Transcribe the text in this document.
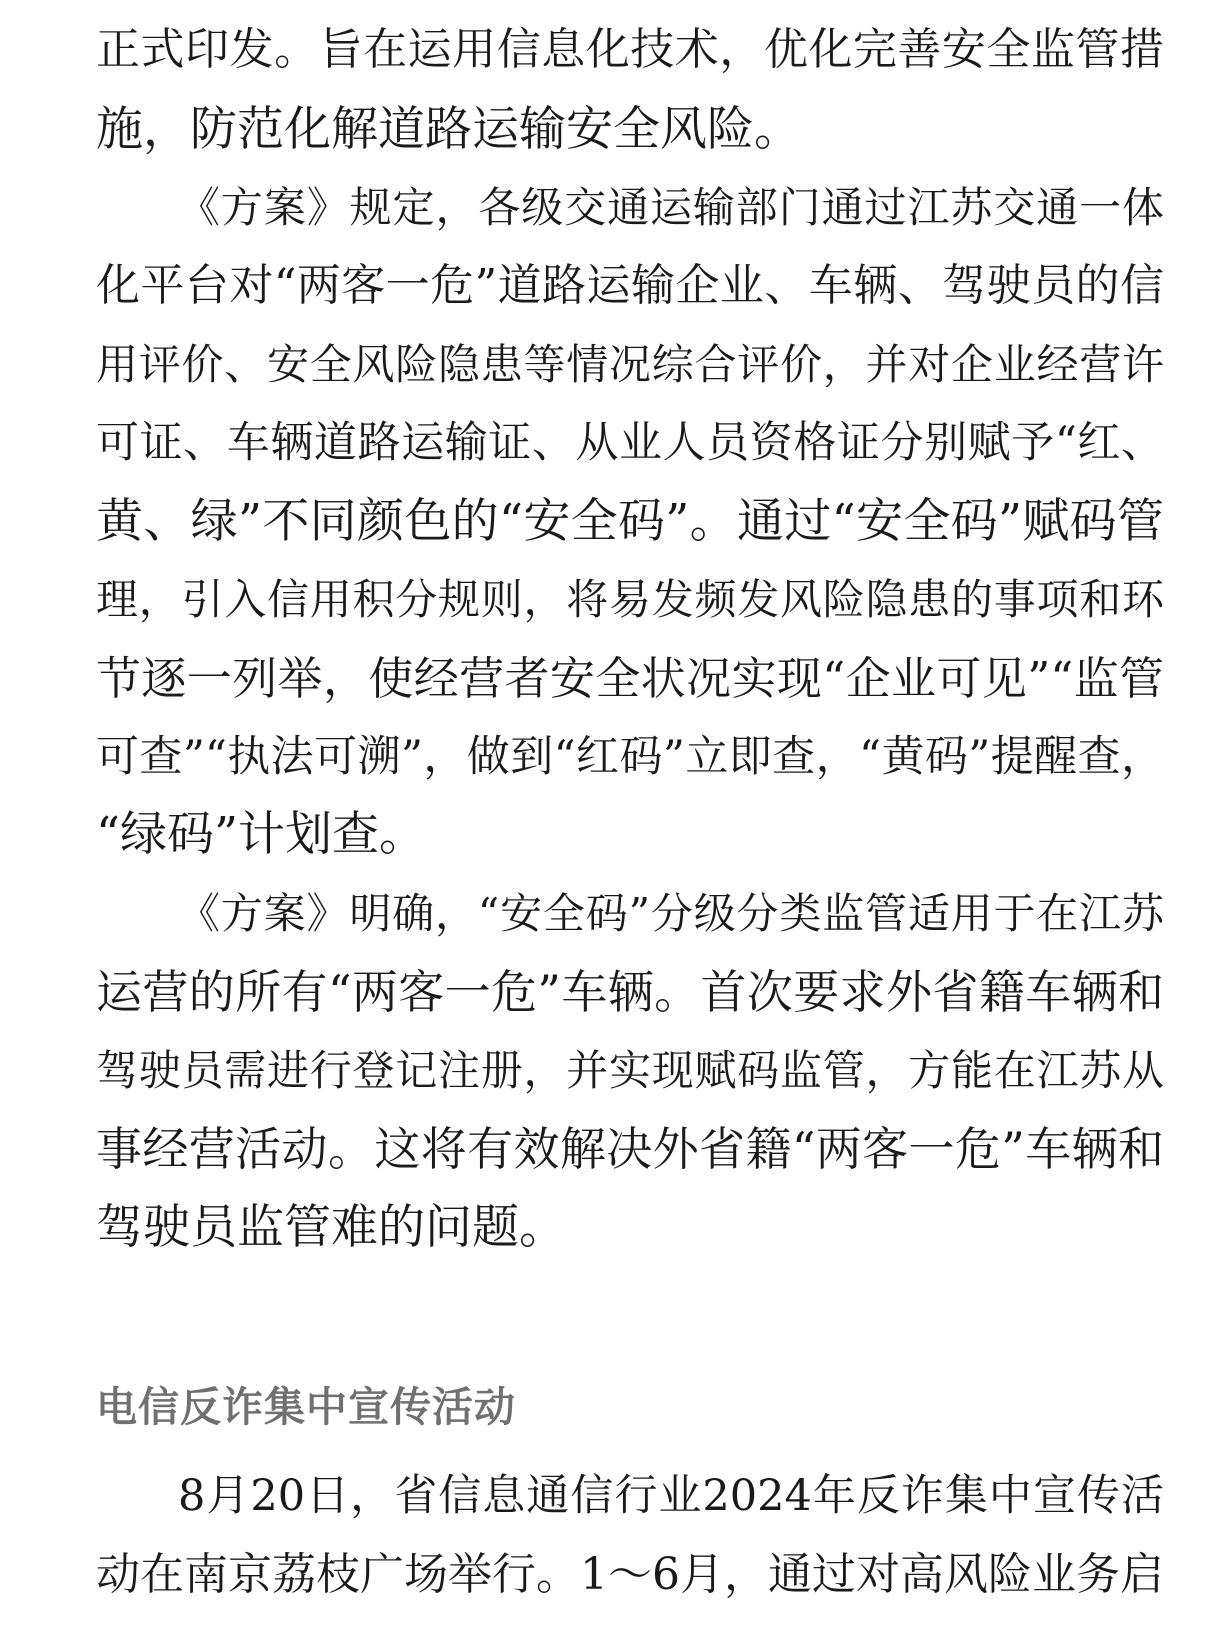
正式印发。旨在运用信息化技术，优化完善安全监管措
施，防范化解道路运输安全风险。
《方案》规定，各级交通运输部门通过江苏交通一体
化平台对“两客一危”道路运输企业、车辆、驾驶员的信
用评价、安全风险隐患等情况综合评价，并对企业经营许
可证、车辆道路运输证、从业人员资格证分别赋予“红、
黄、绿”不同颜色的“安全码”。通过“安全码”赋码管
理，引入信用积分规则，将易发频发风险隐患的事项和环
节逐一列举，使经营者安全状况实现“企业可见”“监管
可查”“执法可溯”，做到“红码”立即查，“黄码”提醒查，
“绿码”计划查。
《方案》明确，“安全码”分级分类监管适用于在江苏
运营的所有“两客一危”车辆。首次要求外省籍车辆和
驾驶员需进行登记注册，并实现赋码监管，方能在江苏从
事经营活动。这将有效解决外省籍“两客一危”车辆和
驾驶员监管难的问题。
电信反诈集中宣传活动
8月20日，省信息通信行业2024年反诈集中宣传活
动在南京荔枝广场举行。1～6月，通过对高风险业务启
